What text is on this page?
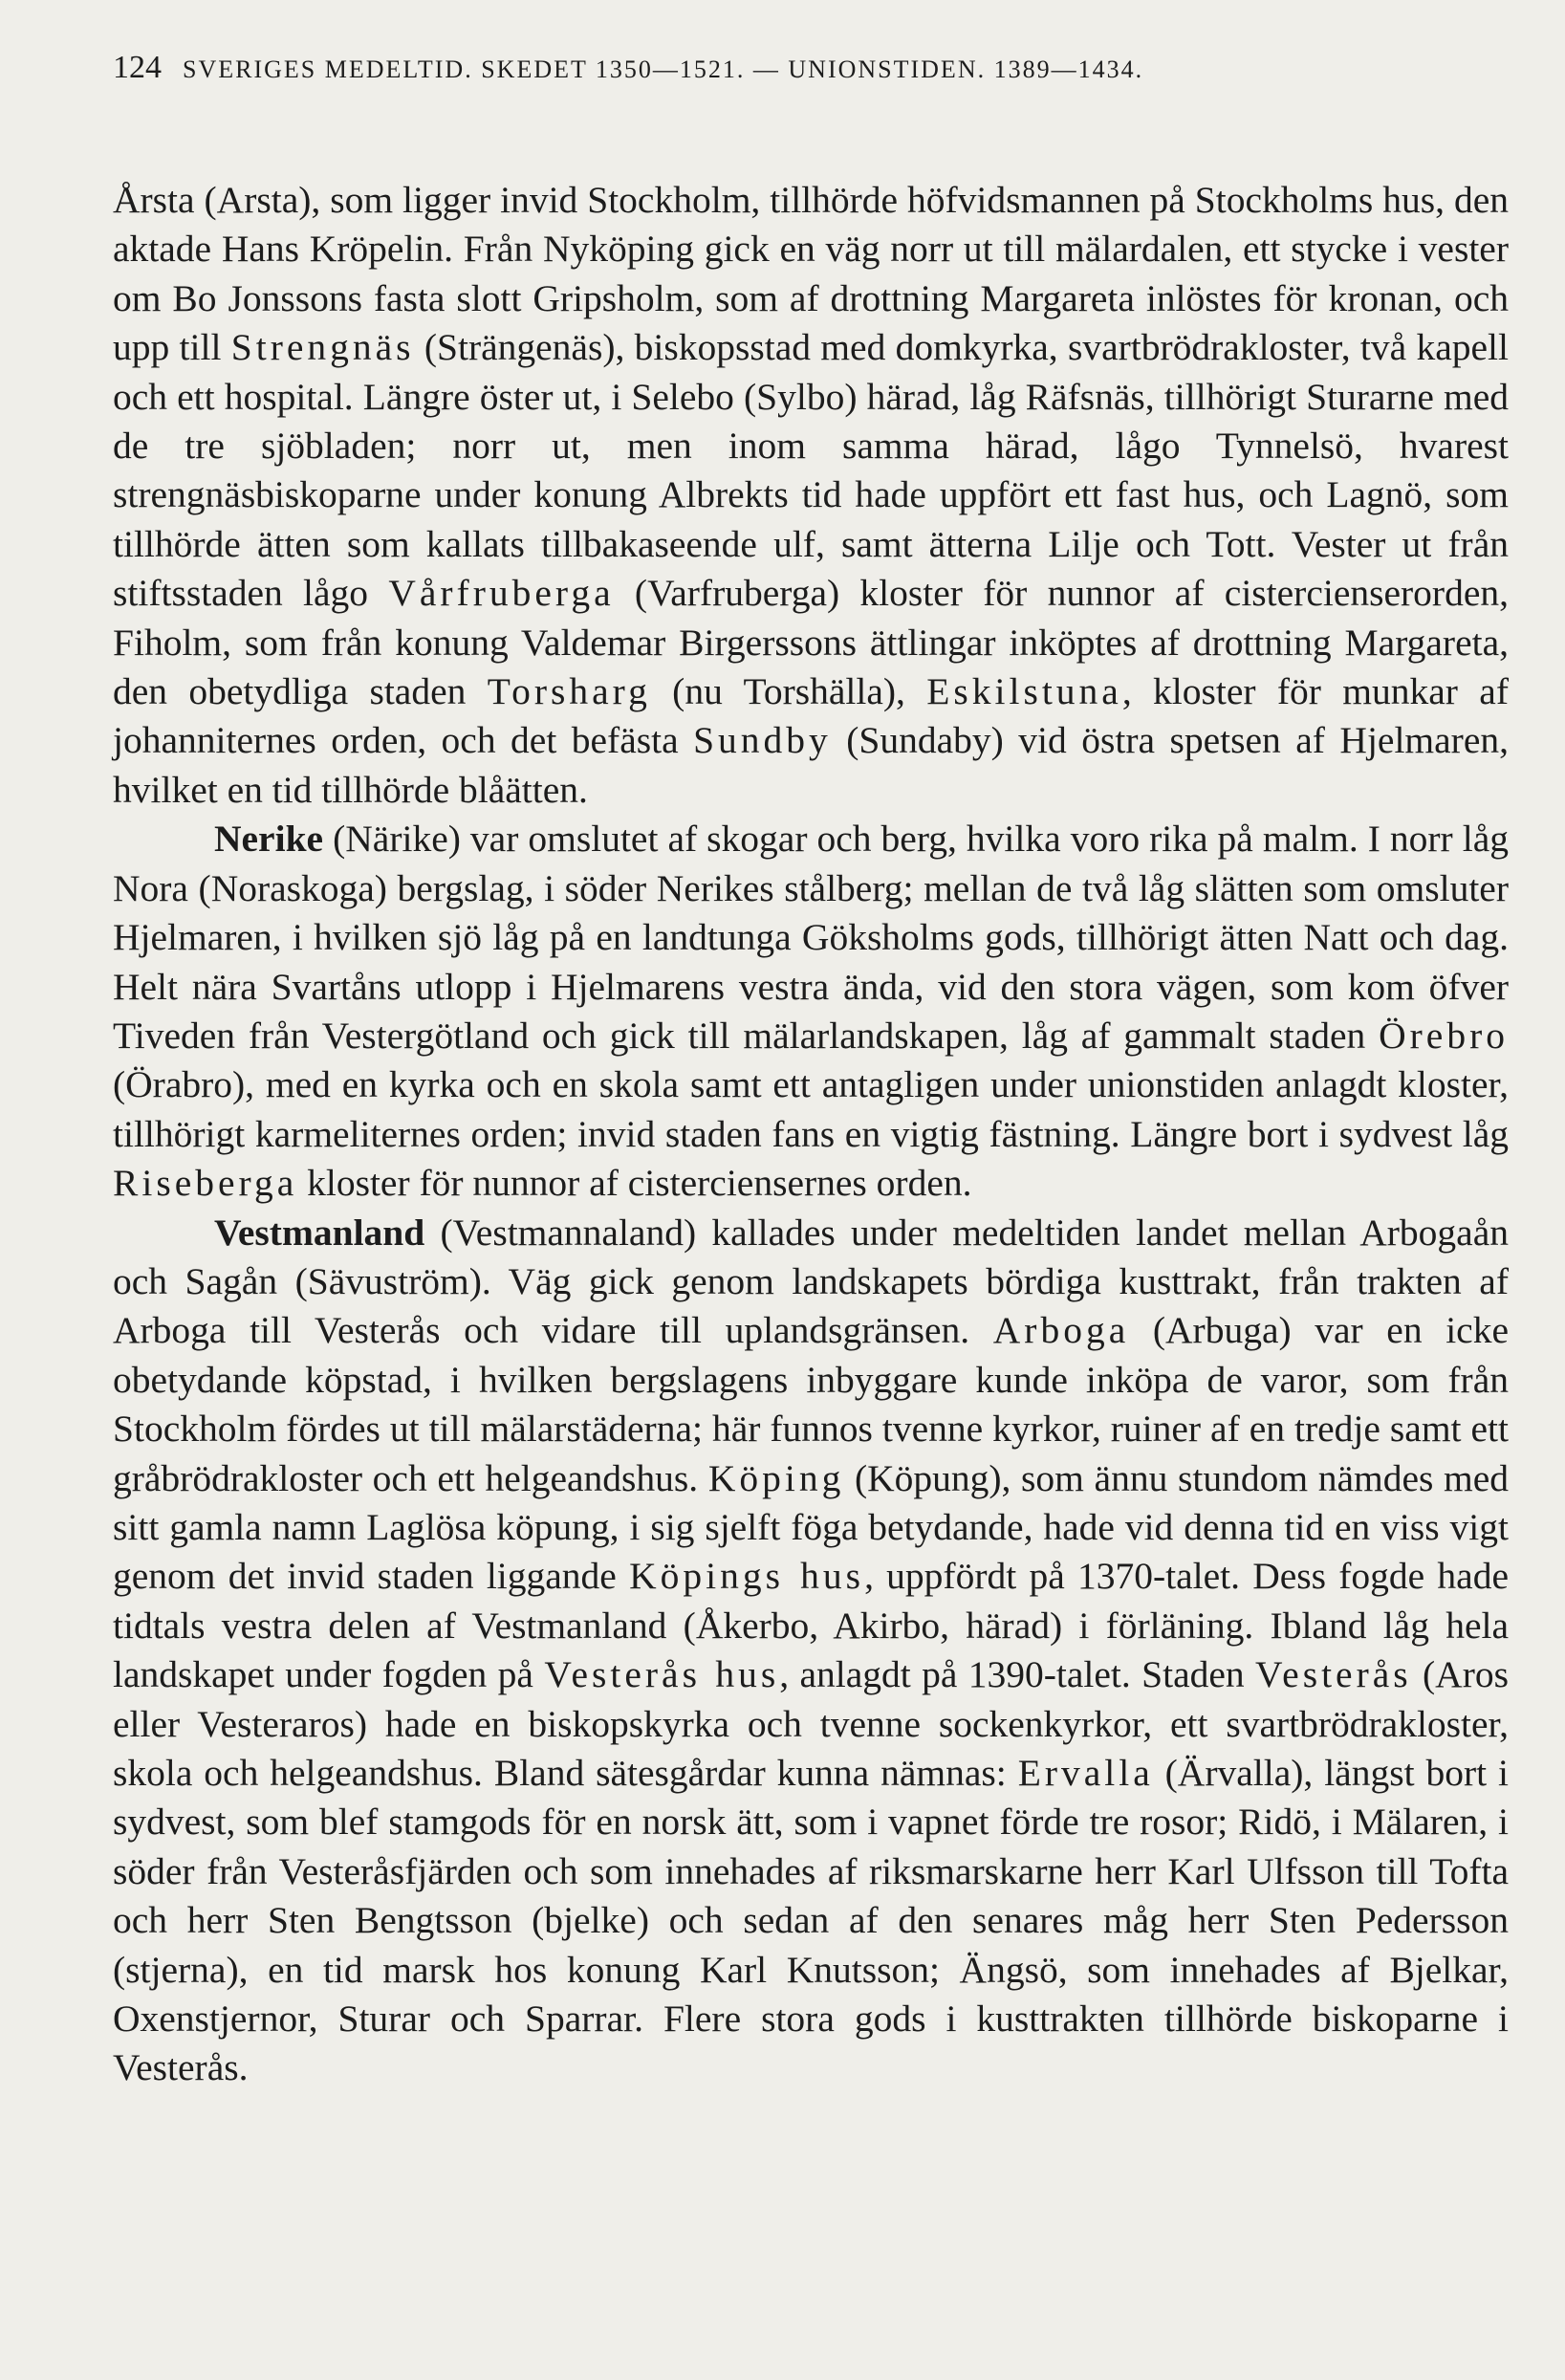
124 SVERIGES MEDELTID. SKEDET 1350—1521. — UNIONSTIDEN. 1389—1434.

Årsta (Arsta), som ligger invid Stockholm, tillhörde höfvidsmannen på Stockholms hus, den aktade Hans Kröpelin. Från Nyköping gick en väg norr ut till mälardalen, ett stycke i vester om Bo Jonssons fasta slott Gripsholm, som af drottning Margareta inlöstes för kronan, och upp till Strengnäs (Strängenäs), biskopsstad med domkyrka, svartbrödrakloster, två kapell och ett hospital. Längre öster ut, i Selebo (Sylbo) härad, låg Räfsnäs, tillhörigt Sturarne med de tre sjöbladen; norr ut, men inom samma härad, lågo Tynnelsö, hvarest strengnäsbiskoparne under konung Albrekts tid hade uppfört ett fast hus, och Lagnö, som tillhörde ätten som kallats tillbakaseende ulf, samt ätterna Lilje och Tott. Vester ut från stiftsstaden lågo Vårfruberga (Varfruberga) kloster för nunnor af cistercienserorden, Fiholm, som från konung Valdemar Birgerssons ättlingar inköptes af drottning Margareta, den obetydliga staden Torsharg (nu Torshälla), Eskilstuna, kloster för munkar af johanniternes orden, och det befästa Sundby (Sundaby) vid östra spetsen af Hjelmaren, hvilket en tid tillhörde blåätten.

Nerike (Närike) var omslutet af skogar och berg, hvilka voro rika på malm. I norr låg Nora (Noraskoga) bergslag, i söder Nerikes stålberg; mellan de två låg slätten som omsluter Hjelmaren, i hvilken sjö låg på en landtunga Göksholms gods, tillhörigt ätten Natt och dag. Helt nära Svartåns utlopp i Hjelmarens vestra ända, vid den stora vägen, som kom öfver Tiveden från Vestergötland och gick till mälarlandskapen, låg af gammalt staden Örebro (Örabro), med en kyrka och en skola samt ett antagligen under unionstiden anlagdt kloster, tillhörigt karmeliternes orden; invid staden fans en vigtig fästning. Längre bort i sydvest låg Riseberga kloster för nunnor af cisterciensernes orden.

Vestmanland (Vestmannaland) kallades under medeltiden landet mellan Arbogaån och Sagån (Sävuström). Väg gick genom landskapets bördiga kusttrakt, från trakten af Arboga till Vesterås och vidare till uplandsgränsen. Arboga (Arbuga) var en icke obetydande köpstad, i hvilken bergslagens inbyggare kunde inköpa de varor, som från Stockholm fördes ut till mälarstäderna; här funnos tvenne kyrkor, ruiner af en tredje samt ett gråbrödrakloster och ett helgeandshus. Köping (Köpung), som ännu stundom nämdes med sitt gamla namn Laglösa köpung, i sig sjelft föga betydande, hade vid denna tid en viss vigt genom det invid staden liggande Köpings hus, uppfördt på 1370-talet. Dess fogde hade tidtals vestra delen af Vestmanland (Åkerbo, Akirbo, härad) i förläning. Ibland låg hela landskapet under fogden på Vesterås hus, anlagdt på 1390-talet. Staden Vesterås (Aros eller Vesteraros) hade en biskopskyrka och tvenne sockenkyrkor, ett svartbrödrakloster, skola och helgeandshus. Bland sätesgårdar kunna nämnas: Ervalla (Ärvalla), längst bort i sydvest, som blef stamgods för en norsk ätt, som i vapnet förde tre rosor; Ridö, i Mälaren, i söder från Vesteråsfjärden och som innehades af riksmarskarne herr Karl Ulfsson till Tofta och herr Sten Bengtsson (bjelke) och sedan af den senares måg herr Sten Pedersson (stjerna), en tid marsk hos konung Karl Knutsson; Ängsö, som innehades af Bjelkar, Oxenstjernor, Sturar och Sparrar. Flere stora gods i kusttrakten tillhörde biskoparne i Vesterås.
